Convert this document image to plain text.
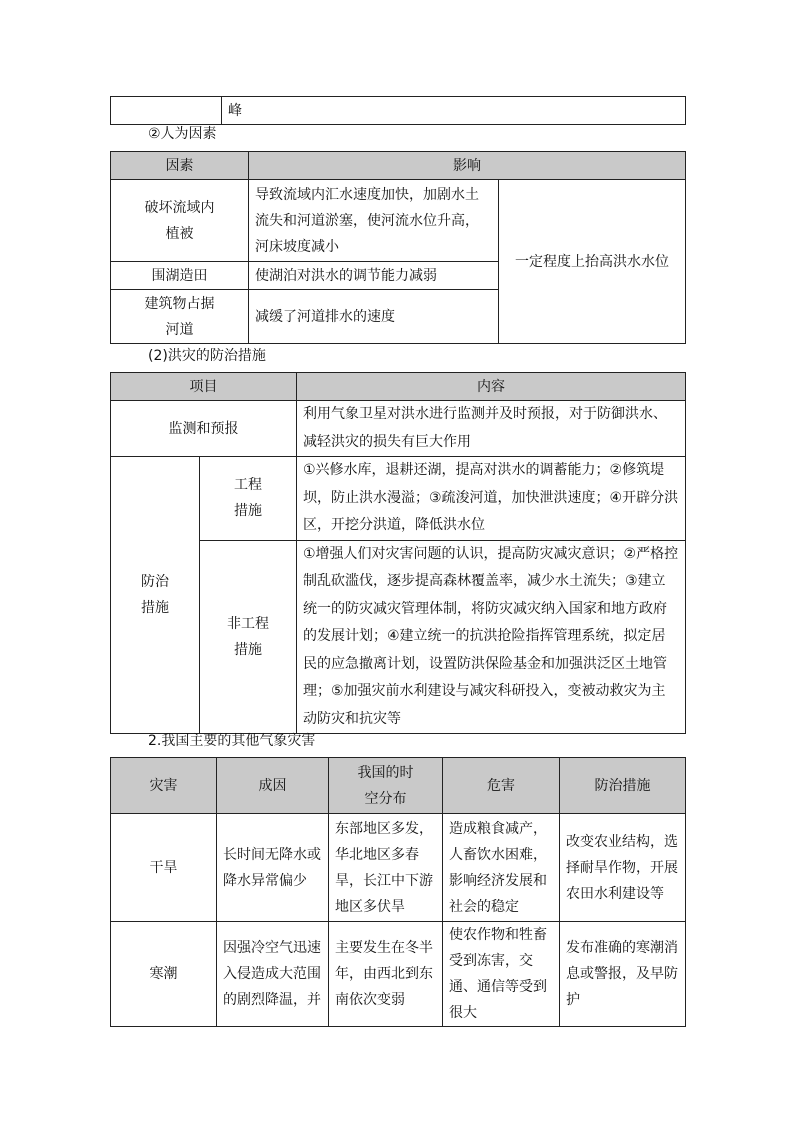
	峰
②人为因素
因素	影响	

破坏流域内植被	导致流域内汇水速度加快，加剧水土流失和河道淤塞，使河流水位升高，河床坡度减小	一定程度上抬高洪水水位
围湖造田	使湖泊对洪水的调节能力减弱	

建筑物占据河道	减缓了河道排水的速度	
(2)洪灾的防治措施
项目		内容
监测和预报		利用气象卫星对洪水进行监测并及时预报，对于防御洪水、减轻洪灾的损失有巨大作用

防治措施	工程措施	①兴修水库，退耕还湖，提高对洪水的调蓄能力；②修筑堤坝，防止洪水漫溢；③疏浚河道，加快泄洪速度；④开辟分洪区，开挖分洪道，降低洪水位

	非工程措施	①增强人们对灾害问题的认识，提高防灾减灾意识；②严格控制乱砍滥伐，逐步提高森林覆盖率，减少水土流失；③建立统一的防灾减灾管理体制，将防灾减灾纳入国家和地方政府的发展计划；④建立统一的抗洪抢险指挥管理系统，拟定居民的应急撤离计划，设置防洪保险基金和加强洪泛区土地管理；⑤加强灾前水利建设与减灾科研投入，变被动救灾为主动防灾和抗灾等
2.我国主要的其他气象灾害
灾害	成因	我国的时空分布	危害	防治措施
干旱	长时间无降水或降水异常偏少	东部地区多发，华北地区多春旱，长江中下游地区多伏旱	造成粮食减产，人畜饮水困难，影响经济发展和社会的稳定	改变农业结构，选择耐旱作物，开展农田水利建设等
寒潮	因强冷空气迅速入侵造成大范围的剧烈降温，并	主要发生在冬半年，由西北到东南依次变弱	使农作物和牲畜受到冻害，交通、通信等受到很大	发布准确的寒潮消息或警报，及早防护
